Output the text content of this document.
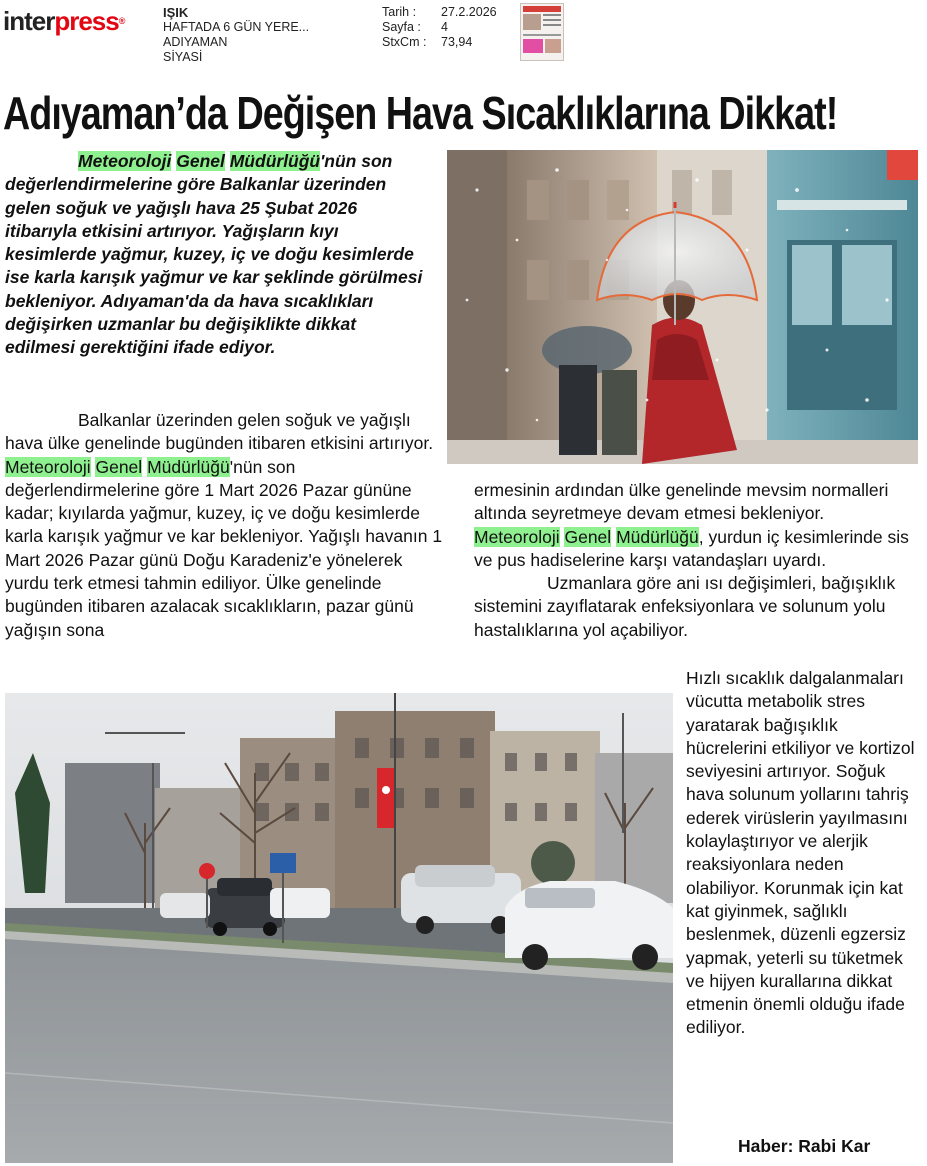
interpress®
IŞIK
HAFTADA 6 GÜN YERE...
ADIYAMAN
SİYASİ
Tarih :	27.2.2026
Sayfa :	4
StxCm :	73,94
Adıyaman’da Değişen Hava Sıcaklıklarına Dikkat!
Meteoroloji Genel Müdürlüğü'nün son değerlendirmelerine göre Balkanlar üzerinden gelen soğuk ve yağışlı hava 25 Şubat 2026 itibarıyla etkisini artırıyor. Yağışların kıyı kesimlerde yağmur, kuzey, iç ve doğu kesimlerde ise karla karışık yağmur ve kar şeklinde görülmesi bekleniyor. Adıyaman'da da hava sıcaklıkları değişirken uzmanlar bu değişiklikte dikkat edilmesi gerektiğini ifade ediyor.
Balkanlar üzerinden gelen soğuk ve yağışlı hava ülke genelinde bugünden itibaren etkisini artırıyor. Meteoroloji Genel Müdürlüğü'nün son değerlendirmelerine göre 1 Mart 2026 Pazar gününe kadar; kıyılarda yağmur, kuzey, iç ve doğu kesimlerde karla karışık yağmur ve kar bekleniyor. Yağışlı havanın 1 Mart 2026 Pazar günü Doğu Karadeniz'e yönelerek yurdu terk etmesi tahmin ediliyor. Ülke genelinde bugünden itibaren azalacak sıcaklıkların, pazar günü yağışın sona
ermesinin ardından ülke genelinde mevsim normalleri altında seyretmeye devam etmesi bekleniyor. Meteoroloji Genel Müdürlüğü, yurdun iç kesimlerinde sis ve pus hadiselerine karşı vatandaşları uyardı.
Uzmanlara göre ani ısı değişimleri, bağışıklık sistemini zayıflatarak enfeksiyonlara ve solunum yolu hastalıklarına yol açabiliyor.
Hızlı sıcaklık dalgalanmaları vücutta metabolik stres yaratarak bağışıklık hücrelerini etkiliyor ve kortizol seviyesini artırıyor. Soğuk hava solunum yollarını tahriş ederek virüslerin yayılmasını kolaylaştırıyor ve alerjik reaksiyonlara neden olabiliyor. Korunmak için kat kat giyinmek, sağlıklı beslenmek, düzenli egzersiz yapmak, yeterli su tüketmek ve hijyen kurallarına dikkat etmenin önemli olduğu ifade ediliyor.
Haber: Rabi Kar
